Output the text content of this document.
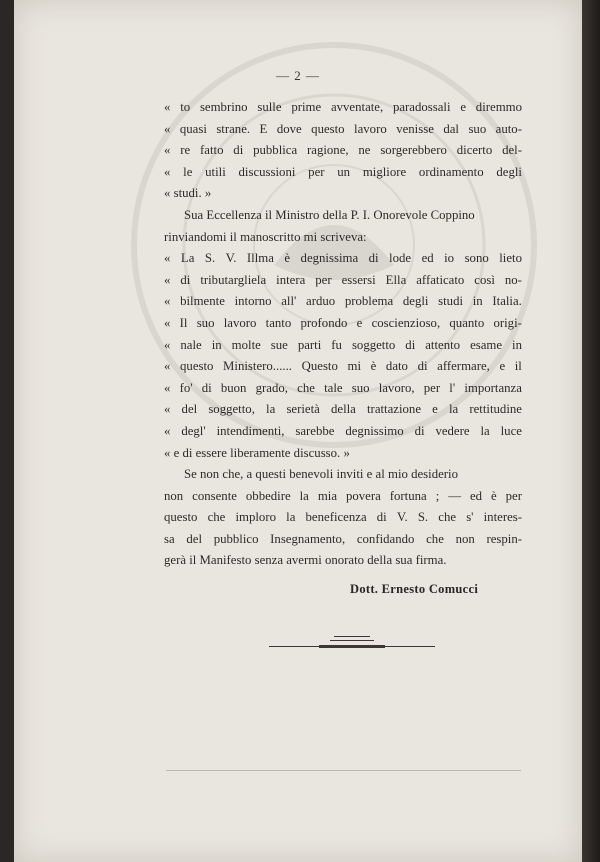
— 2 —
« to sembrino sulle prime avventate, paradossali e diremmo
« quasi strane. E dove questo lavoro venisse dal suo auto-
« re fatto di pubblica ragione, ne sorgerebbero dicerto del-
« le utili discussioni per un migliore ordinamento degli
« studi. »
Sua Eccellenza il Ministro della P. I. Onorevole Coppino
rinviandomi il manoscritto mi scriveva:
« La S. V. Illma è degnissima di lode ed io sono lieto
« di tributargliela intera per essersi Ella affaticato così no-
« bilmente intorno all' arduo problema degli studi in Italia.
« Il suo lavoro tanto profondo e coscienzioso, quanto origi-
« nale in molte sue parti fu soggetto di attento esame in
« questo Ministero...... Questo mi è dato di affermare, e il
« fo' di buon grado, che tale suo lavoro, per l' importanza
« del soggetto, la serietà della trattazione e la rettitudine
« degl' intendimenti, sarebbe degnissimo di vedere la luce
« e di essere liberamente discusso. »
Se non che, a questi benevoli inviti e al mio desiderio
non consente obbedire la mia povera fortuna ; — ed è per
questo che imploro la beneficenza di V. S. che s' interes-
sa del pubblico Insegnamento, confidando che non respin-
gerà il Manifesto senza avermi onorato della sua firma.
Dott. Ernesto Comucci
